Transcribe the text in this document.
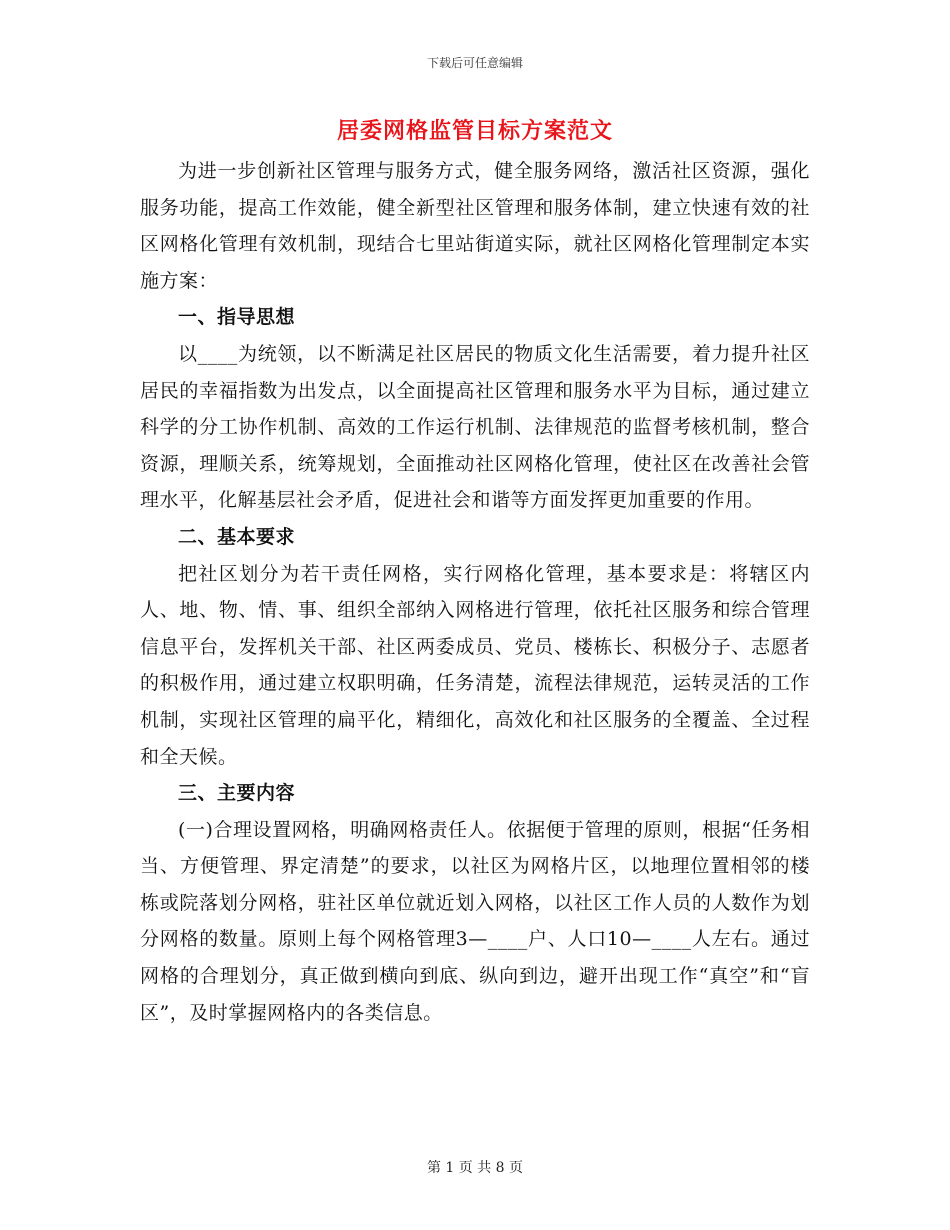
下载后可任意编辑
居委网格监管目标方案范文

为进一步创新社区管理与服务方式，健全服务网络，激活社区资源，强化服务功能，提高工作效能，健全新型社区管理和服务体制，建立快速有效的社区网格化管理有效机制，现结合七里站街道实际，就社区网格化管理制定本实施方案：

一、指导思想

以____为统领，以不断满足社区居民的物质文化生活需要，着力提升社区居民的幸福指数为出发点，以全面提高社区管理和服务水平为目标，通过建立科学的分工协作机制、高效的工作运行机制、法律规范的监督考核机制，整合资源，理顺关系，统筹规划，全面推动社区网格化管理，使社区在改善社会管理水平，化解基层社会矛盾，促进社会和谐等方面发挥更加重要的作用。

二、基本要求

把社区划分为若干责任网格，实行网格化管理，基本要求是：将辖区内人、地、物、情、事、组织全部纳入网格进行管理，依托社区服务和综合管理信息平台，发挥机关干部、社区两委成员、党员、楼栋长、积极分子、志愿者的积极作用，通过建立权职明确，任务清楚，流程法律规范，运转灵活的工作机制，实现社区管理的扁平化，精细化，高效化和社区服务的全覆盖、全过程和全天候。

三、主要内容

(一)合理设置网格，明确网格责任人。依据便于管理的原则，根据“任务相当、方便管理、界定清楚”的要求，以社区为网格片区，以地理位置相邻的楼栋或院落划分网格，驻社区单位就近划入网格，以社区工作人员的人数作为划分网格的数量。原则上每个网格管理3—____户、人口10—____人左右。通过网格的合理划分，真正做到横向到底、纵向到边，避开出现工作“真空”和“盲区”，及时掌握网格内的各类信息。

第 1 页 共 8 页
